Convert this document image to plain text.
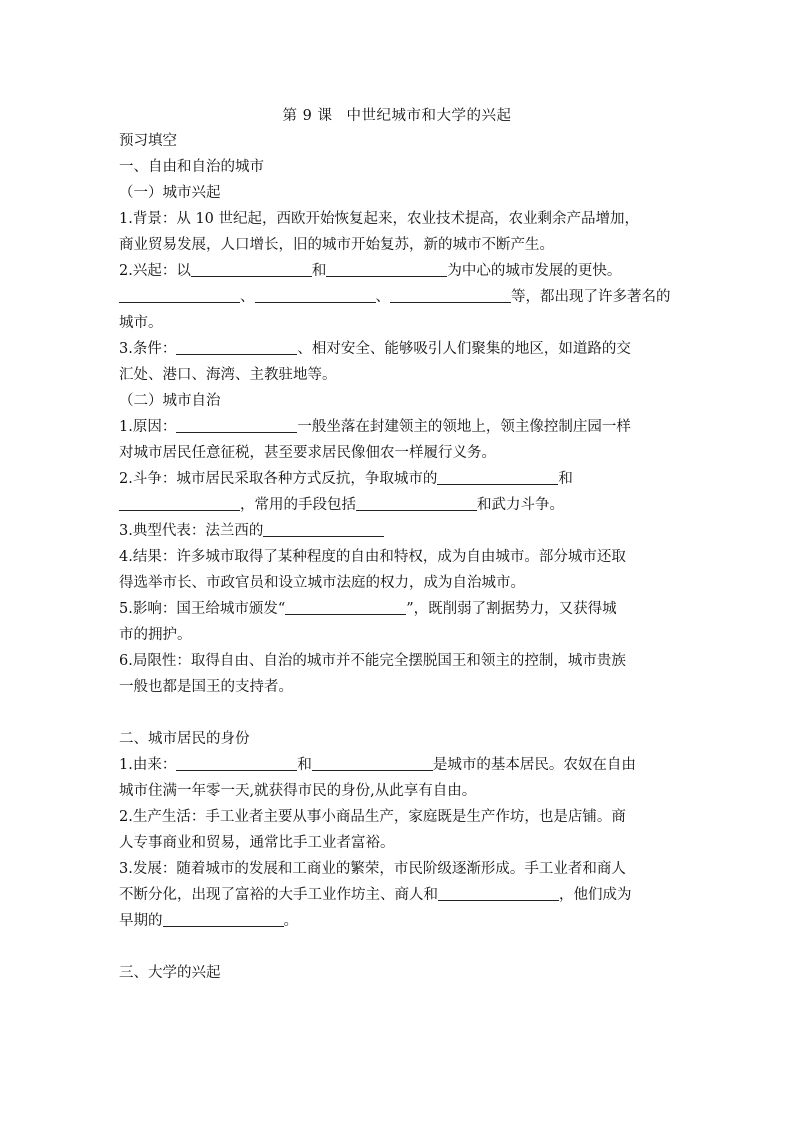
第 9 课 中世纪城市和大学的兴起
预习填空
一、自由和自治的城市
（一）城市兴起
1.背景：从 10 世纪起，西欧开始恢复起来，农业技术提高，农业剩余产品增加，
商业贸易发展，人口增长，旧的城市开始复苏，新的城市不断产生。
2.兴起：以	和	为中心的城市发展的更快。
、	、	等，都出现了许多著名的
城市。
3.条件：	、相对安全、能够吸引人们聚集的地区，如道路的交
汇处、港口、海湾、主教驻地等。
（二）城市自治
1.原因：	一般坐落在封建领主的领地上，领主像控制庄园一样
对城市居民任意征税，甚至要求居民像佃农一样履行义务。
2.斗争：城市居民采取各种方式反抗，争取城市的	和
，常用的手段包括	和武力斗争。
3.典型代表：法兰西的
4.结果：许多城市取得了某种程度的自由和特权，成为自由城市。部分城市还取
得选举市长、市政官员和设立城市法庭的权力，成为自治城市。
5.影响：国王给城市颁发“	”，既削弱了割据势力，又获得城
市的拥护。
6.局限性：取得自由、自治的城市并不能完全摆脱国王和领主的控制，城市贵族
一般也都是国王的支持者。
二、城市居民的身份
1.由来：	和	是城市的基本居民。农奴在自由
城市住满一年零一天,就获得市民的身份,从此享有自由。
2.生产生活：手工业者主要从事小商品生产，家庭既是生产作坊，也是店铺。商
人专事商业和贸易，通常比手工业者富裕。
3.发展：随着城市的发展和工商业的繁荣，市民阶级逐渐形成。手工业者和商人
不断分化，出现了富裕的大手工业作坊主、商人和	，他们成为
早期的	。
三、大学的兴起
